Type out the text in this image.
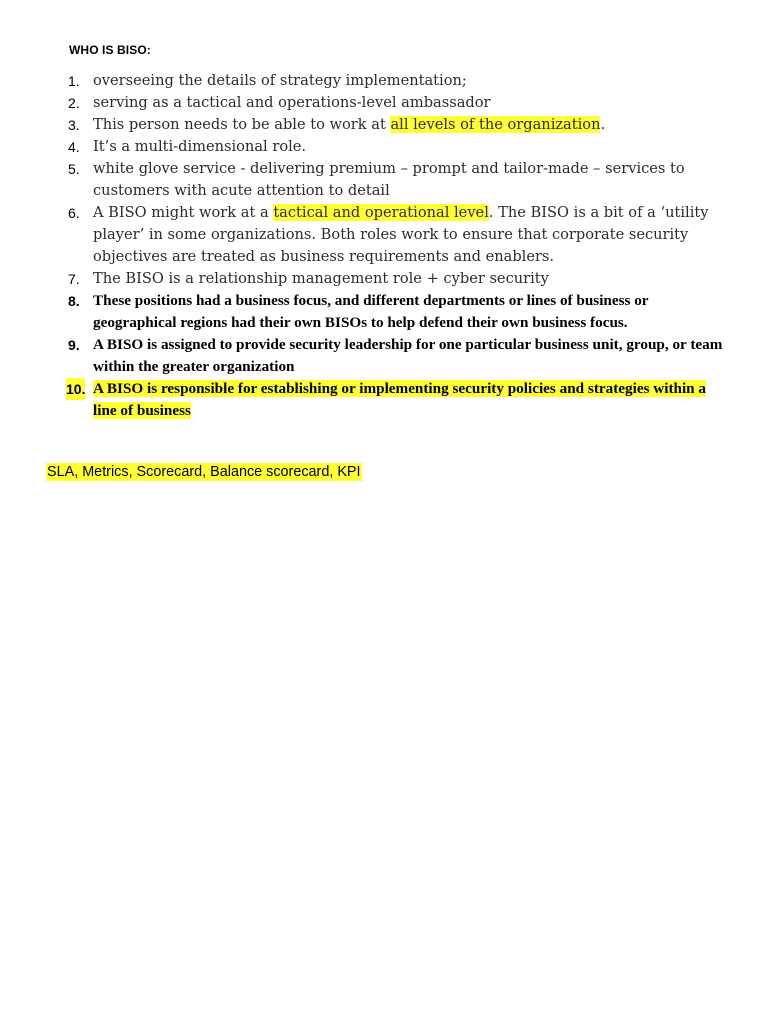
WHO IS BISO:
1. overseeing the details of strategy implementation;
2. serving as a tactical and operations-level ambassador
3. This person needs to be able to work at all levels of the organization.
4. It’s a multi-dimensional role.
5. white glove service - delivering premium – prompt and tailor-made – services to customers with acute attention to detail
6. A BISO might work at a tactical and operational level. The BISO is a bit of a ‘utility player’ in some organizations. Both roles work to ensure that corporate security objectives are treated as business requirements and enablers.
7. The BISO is a relationship management role + cyber security
8. These positions had a business focus, and different departments or lines of business or geographical regions had their own BISOs to help defend their own business focus.
9. A BISO is assigned to provide security leadership for one particular business unit, group, or team within the greater organization
10. A BISO is responsible for establishing or implementing security policies and strategies within a line of business
SLA, Metrics, Scorecard, Balance scorecard, KPI
